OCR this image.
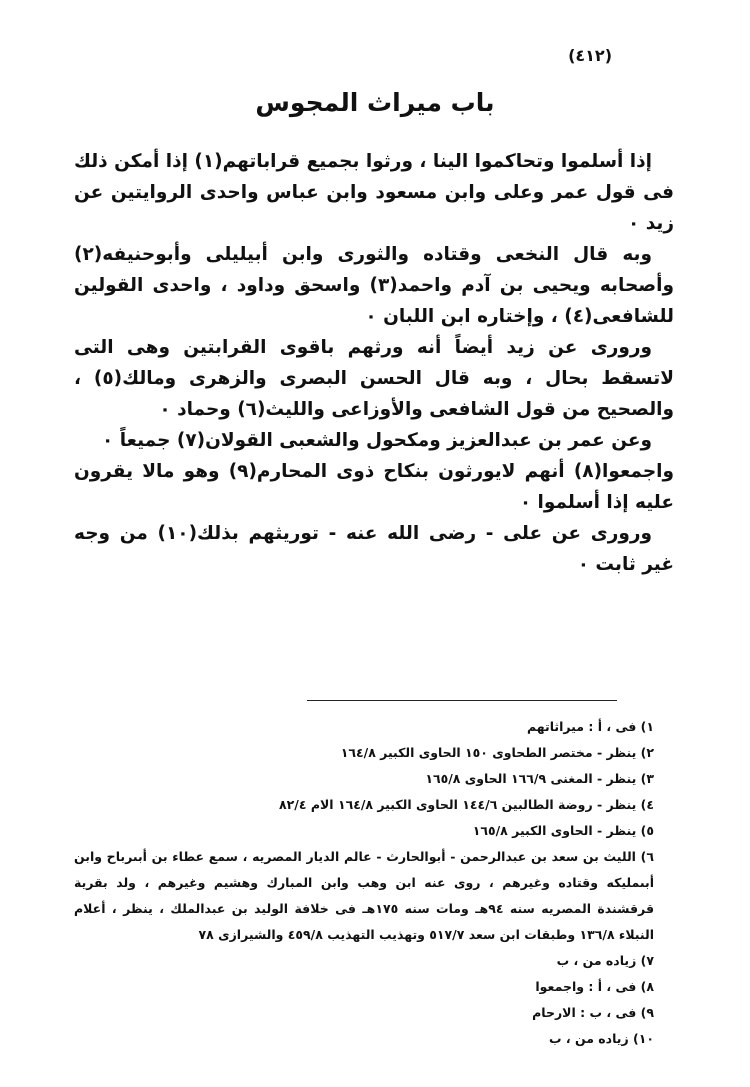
(٤١٢)
باب ميراث المجوس

إذا أسلموا وتحاكموا الينا ، ورثوا بجميع قراباتهم(١) إذا أمكن ذلك فى قول عمر وعلى وابن مسعود وابن عباس واحدى الروايتين عن زيد ٠

وبه قال النخعى وقتاده والثورى وابن أبيليلى وأبوحنيفه(٢) وأصحابه ويحيى بن آدم واحمد(٣) واسحق وداود ، واحدى القولين للشافعى(٤) ، وإختاره ابن اللبان ٠

ورورى عن زيد أيضاً أنه ورثهم باقوى القرابتين وهى التى لاتسقط بحال ، وبه قال الحسن البصرى والزهرى ومالك(٥) ، والصحيح من قول الشافعى والأوزاعى والليث(٦) وحماد ٠

وعن عمر بن عبدالعزيز ومكحول والشعبى القولان(٧) جميعاً ٠

واجمعوا(٨) أنهم لايورثون بنكاح ذوى المحارم(٩) وهو مالا يقرون عليه إذا أسلموا ٠

ورورى عن على - رضى الله عنه - توريثهم بذلك(١٠) من وجه غير ثابت ٠

١) فى ، أ : ميراثاتهم
٢) ينظر - مختصر الطحاوى ١٥٠ الحاوى الكبير ١٦٤/٨
٣) ينظر - المغنى ١٦٦/٩ الحاوى ١٦٥/٨
٤) ينظر - روضة الطالبين ١٤٤/٦ الحاوى الكبير ١٦٤/٨ الام ٨٢/٤
٥) ينظر - الحاوى الكبير ١٦٥/٨
٦) الليث بن سعد بن عبدالرحمن - أبوالحارث - عالم الديار المصريه ، سمع عطاء بن أبىرباح وابن أبىمليكه وقتاده وغيرهم ، روى عنه ابن وهب وابن المبارك وهشيم وغيرهم ، ولد بقرية قرقشندة المصريه سنه ٩٤هـ ومات سنه ١٧٥هـ فى خلافة الوليد بن عبدالملك ، ينظر ، أعلام النبلاء ١٣٦/٨ وطبقات ابن سعد ٥١٧/٧ وتهذيب التهذيب ٤٥٩/٨ والشيرازى ٧٨
٧) زياده من ، ب
٨) فى ، أ : واجمعوا
٩) فى ، ب : الارحام
١٠) زياده من ، ب
